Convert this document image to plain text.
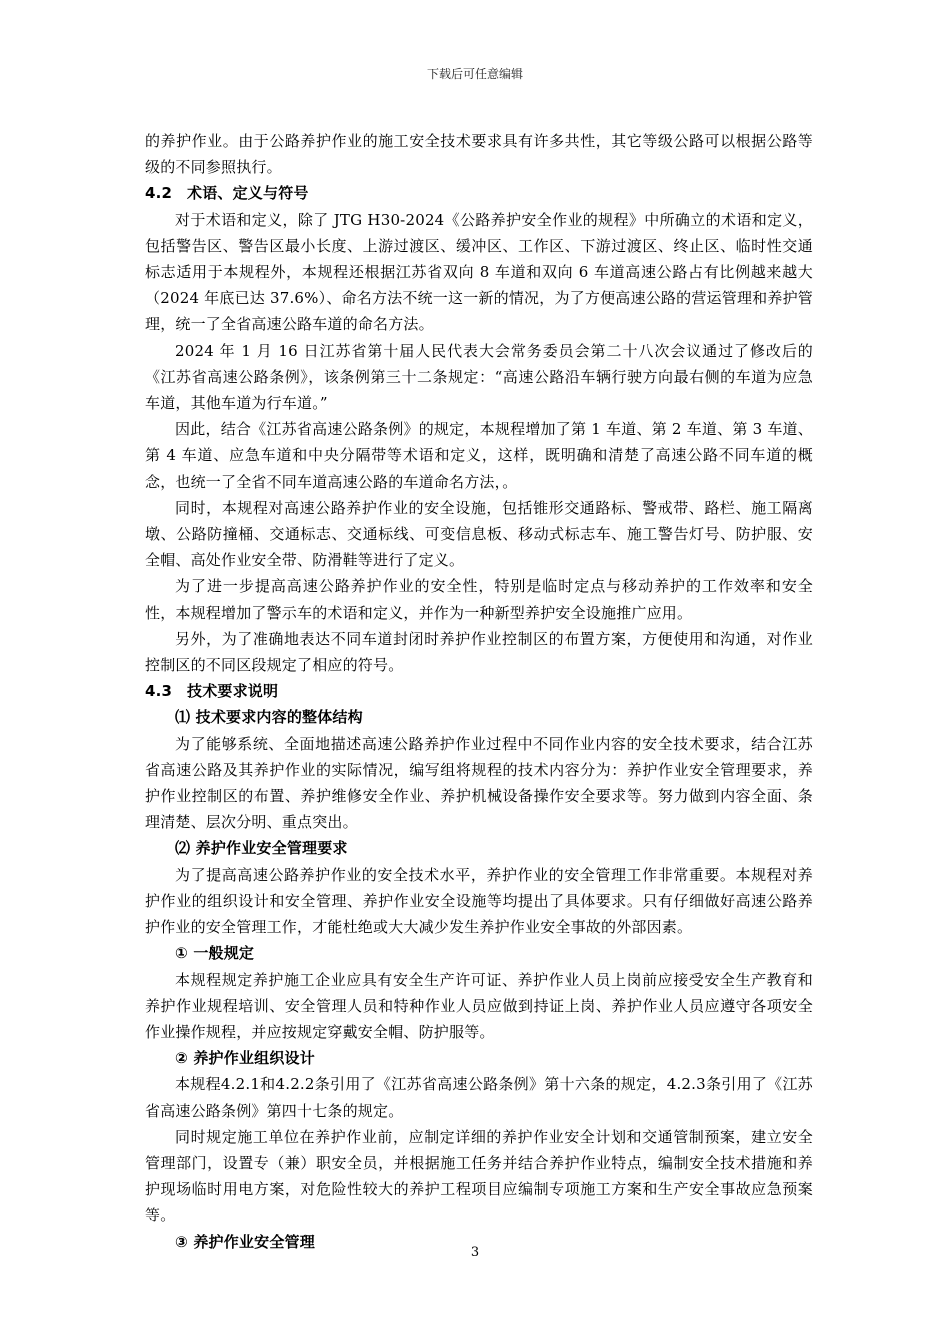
下载后可任意编辑

的养护作业。由于公路养护作业的施工安全技术要求具有许多共性，其它等级公路可以根据公路等级的不同参照执行。

4.2 术语、定义与符号

对于术语和定义，除了 JTG H30-2024《公路养护安全作业的规程》中所确立的术语和定义，包括警告区、警告区最小长度、上游过渡区、缓冲区、工作区、下游过渡区、终止区、临时性交通标志适用于本规程外，本规程还根据江苏省双向 8 车道和双向 6 车道高速公路占有比例越来越大（2024 年底已达 37.6%）、命名方法不统一这一新的情况，为了方便高速公路的营运管理和养护管理，统一了全省高速公路车道的命名方法。

2024 年 1 月 16 日江苏省第十届人民代表大会常务委员会第二十八次会议通过了修改后的《江苏省高速公路条例》，该条例第三十二条规定：“高速公路沿车辆行驶方向最右侧的车道为应急车道，其他车道为行车道。”

因此，结合《江苏省高速公路条例》的规定，本规程增加了第 1 车道、第 2 车道、第 3 车道、第 4 车道、应急车道和中央分隔带等术语和定义，这样，既明确和清楚了高速公路不同车道的概念，也统一了全省不同车道高速公路的车道命名方法，。

同时，本规程对高速公路养护作业的安全设施，包括锥形交通路标、警戒带、路栏、施工隔离墩、公路防撞桶、交通标志、交通标线、可变信息板、移动式标志车、施工警告灯号、防护服、安全帽、高处作业安全带、防滑鞋等进行了定义。

为了进一步提高高速公路养护作业的安全性，特别是临时定点与移动养护的工作效率和安全性，本规程增加了警示车的术语和定义，并作为一种新型养护安全设施推广应用。

另外，为了准确地表达不同车道封闭时养护作业控制区的布置方案，方便使用和沟通，对作业控制区的不同区段规定了相应的符号。

4.3 技术要求说明

⑴ 技术要求内容的整体结构

为了能够系统、全面地描述高速公路养护作业过程中不同作业内容的安全技术要求，结合江苏省高速公路及其养护作业的实际情况，编写组将规程的技术内容分为：养护作业安全管理要求，养护作业控制区的布置、养护维修安全作业、养护机械设备操作安全要求等。努力做到内容全面、条理清楚、层次分明、重点突出。

⑵ 养护作业安全管理要求

为了提高高速公路养护作业的安全技术水平，养护作业的安全管理工作非常重要。本规程对养护作业的组织设计和安全管理、养护作业安全设施等均提出了具体要求。只有仔细做好高速公路养护作业的安全管理工作，才能杜绝或大大减少发生养护作业安全事故的外部因素。

① 一般规定

本规程规定养护施工企业应具有安全生产许可证、养护作业人员上岗前应接受安全生产教育和养护作业规程培训、安全管理人员和特种作业人员应做到持证上岗、养护作业人员应遵守各项安全作业操作规程，并应按规定穿戴安全帽、防护服等。

② 养护作业组织设计

本规程4.2.1和4.2.2条引用了《江苏省高速公路条例》第十六条的规定，4.2.3条引用了《江苏省高速公路条例》第四十七条的规定。

同时规定施工单位在养护作业前，应制定详细的养护作业安全计划和交通管制预案，建立安全管理部门，设置专（兼）职安全员，并根据施工任务并结合养护作业特点，编制安全技术措施和养护现场临时用电方案，对危险性较大的养护工程项目应编制专项施工方案和生产安全事故应急预案等。

③ 养护作业安全管理

3
